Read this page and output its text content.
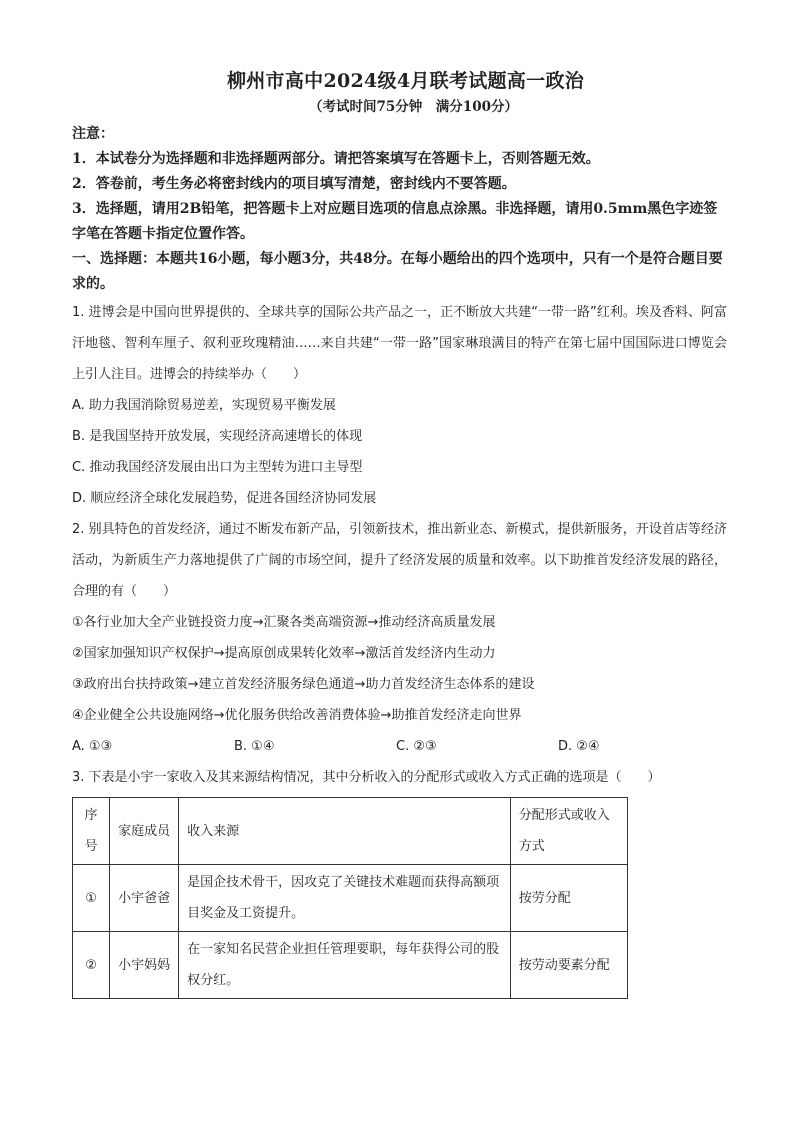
柳州市高中2024级4月联考试题高一政治
（考试时间75分钟　满分100分）

注意：

1．本试卷分为选择题和非选择题两部分。请把答案填写在答题卡上，否则答题无效。

2．答卷前，考生务必将密封线内的项目填写清楚，密封线内不要答题。

3．选择题，请用2B铅笔，把答题卡上对应题目选项的信息点涂黑。非选择题，请用0.5mm黑色字迹签字笔在答题卡指定位置作答。

一、选择题：本题共16小题，每小题3分，共48分。在每小题给出的四个选项中，只有一个是符合题目要求的。

1. 进博会是中国向世界提供的、全球共享的国际公共产品之一，正不断放大共建“一带一路”红利。埃及香料、阿富汗地毯、智利车厘子、叙利亚玫瑰精油……来自共建“一带一路”国家琳琅满目的特产在第七届中国国际进口博览会上引人注目。进博会的持续举办（　　）

A. 助力我国消除贸易逆差，实现贸易平衡发展

B. 是我国坚持开放发展，实现经济高速增长的体现

C. 推动我国经济发展由出口为主型转为进口主导型

D. 顺应经济全球化发展趋势，促进各国经济协同发展

2. 别具特色的首发经济，通过不断发布新产品，引领新技术，推出新业态、新模式，提供新服务，开设首店等经济活动，为新质生产力落地提供了广阔的市场空间，提升了经济发展的质量和效率。以下助推首发经济发展的路径，合理的有（　　）

①各行业加大全产业链投资力度→汇聚各类高端资源→推动经济高质量发展

②国家加强知识产权保护→提高原创成果转化效率→激活首发经济内生动力

③政府出台扶持政策→建立首发经济服务绿色通道→助力首发经济生态体系的建设

④企业健全公共设施网络→优化服务供给改善消费体验→助推首发经济走向世界

A. ①③	B. ①④	C. ②③	D. ②④

3. 下表是小宇一家收入及其来源结构情况，其中分析收入的分配形式或收入方式正确的选项是（　　）

序号	家庭成员	收入来源	分配形式或收入方式
①	小宇爸爸	是国企技术骨干，因攻克了关键技术难题而获得高额项目奖金及工资提升。	按劳分配
②	小宇妈妈	在一家知名民营企业担任管理要职，每年获得公司的股权分红。	按劳动要素分配
